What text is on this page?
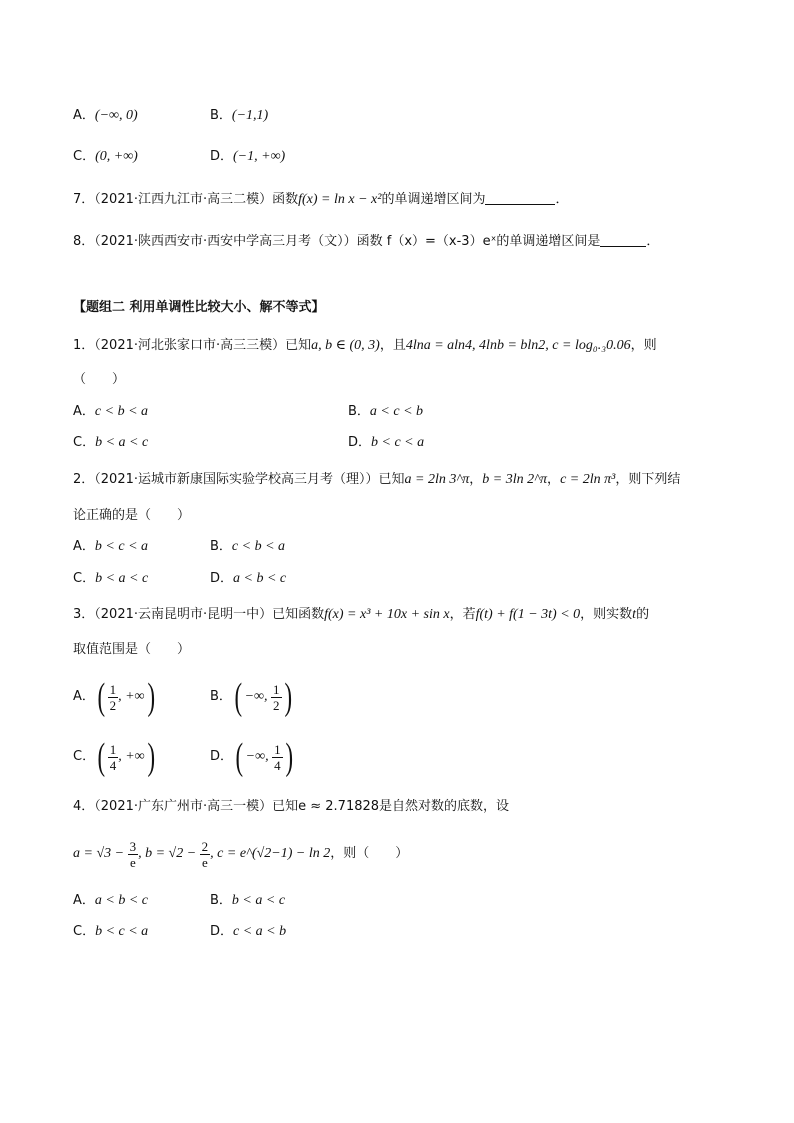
A．(−∞, 0)	B．(−1,1)
C．(0, +∞)	D．(−1, +∞)
7．（2021·江西九江市·高三二模）函数f(x) = ln x − x²的单调递增区间为	．
8．（2021·陕西西安市·西安中学高三月考（文））函数 f（x）=（x-3）eˣ的单调递增区间是	．
【题组二 利用单调性比较大小、解不等式】
1．（2021·河北张家口市·高三三模）已知a, b ∈ (0, 3)，且4lna = aln4, 4lnb = bln2, c = log₀.₃0.06，则
（　　）
A．c < b < a	B．a < c < b
C．b < a < c	D．b < c < a
2．（2021·运城市新康国际实验学校高三月考（理））已知a = 2ln 3^π，b = 3ln 2^π，c = 2ln π³，则下列结
论正确的是（　　）
A．b < c < a	B．c < b < a
C．b < a < c	D．a < b < c
3．（2021·云南昆明市·昆明一中）已知函数f(x) = x³ + 10x + sin x，若f(t) + f(1 − 3t) < 0，则实数t的
取值范围是（　　）
A．( $\frac{1}{2}$ , +∞)	B．( −∞, $\frac{1}{2}$ )
C．( $\frac{1}{4}$ , +∞)	D．( −∞, $\frac{1}{4}$ )
4．（2021·广东广州市·高三一模）已知e ≈ 2.71828是自然对数的底数，设
$a = √3 - \frac{3}{e}$ , $b = √2 - \frac{2}{e}$ , c = e^(√2−1) − ln 2，则（　　）
A．a < b < c	B．b < a < c
C．b < c < a	D．c < a < b
